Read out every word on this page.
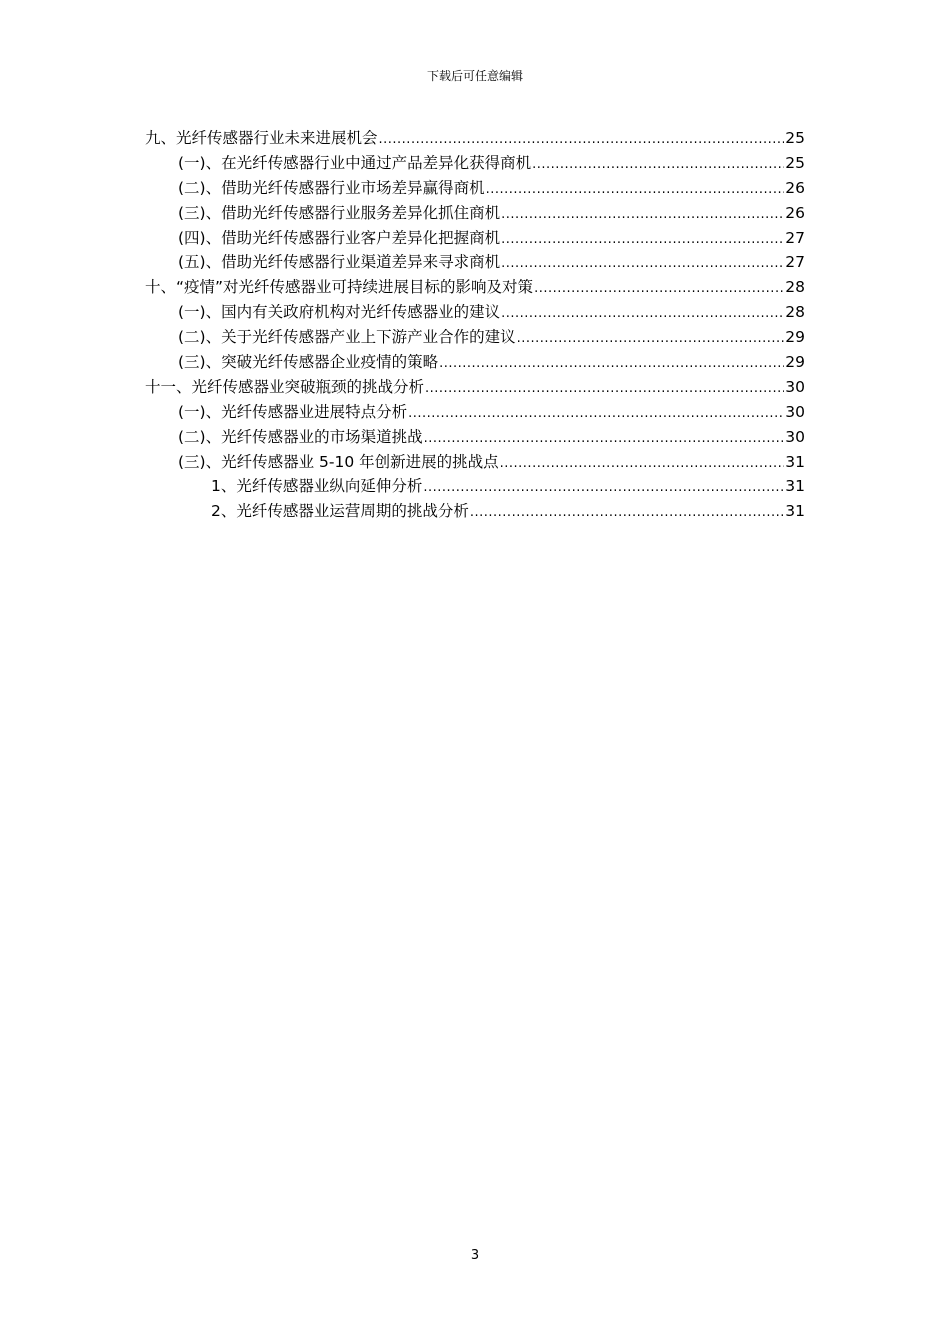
下载后可任意编辑
九、光纤传感器行业未来进展机会 .....	25
(一)、在光纤传感器行业中通过产品差异化获得商机 .....	25
(二)、借助光纤传感器行业市场差异赢得商机 .....	26
(三)、借助光纤传感器行业服务差异化抓住商机 .....	26
(四)、借助光纤传感器行业客户差异化把握商机 .....	27
(五)、借助光纤传感器行业渠道差异来寻求商机 .....	27
十、“疫情”对光纤传感器业可持续进展目标的影响及对策 .....	28
(一)、国内有关政府机构对光纤传感器业的建议 .....	28
(二)、关于光纤传感器产业上下游产业合作的建议 .....	29
(三)、突破光纤传感器企业疫情的策略 .....	29
十一、光纤传感器业突破瓶颈的挑战分析 .....	30
(一)、光纤传感器业进展特点分析 .....	30
(二)、光纤传感器业的市场渠道挑战 .....	30
(三)、光纤传感器业 5-10 年创新进展的挑战点 .....	31
1、光纤传感器业纵向延伸分析 .....	31
2、光纤传感器业运营周期的挑战分析 .....	31
3
